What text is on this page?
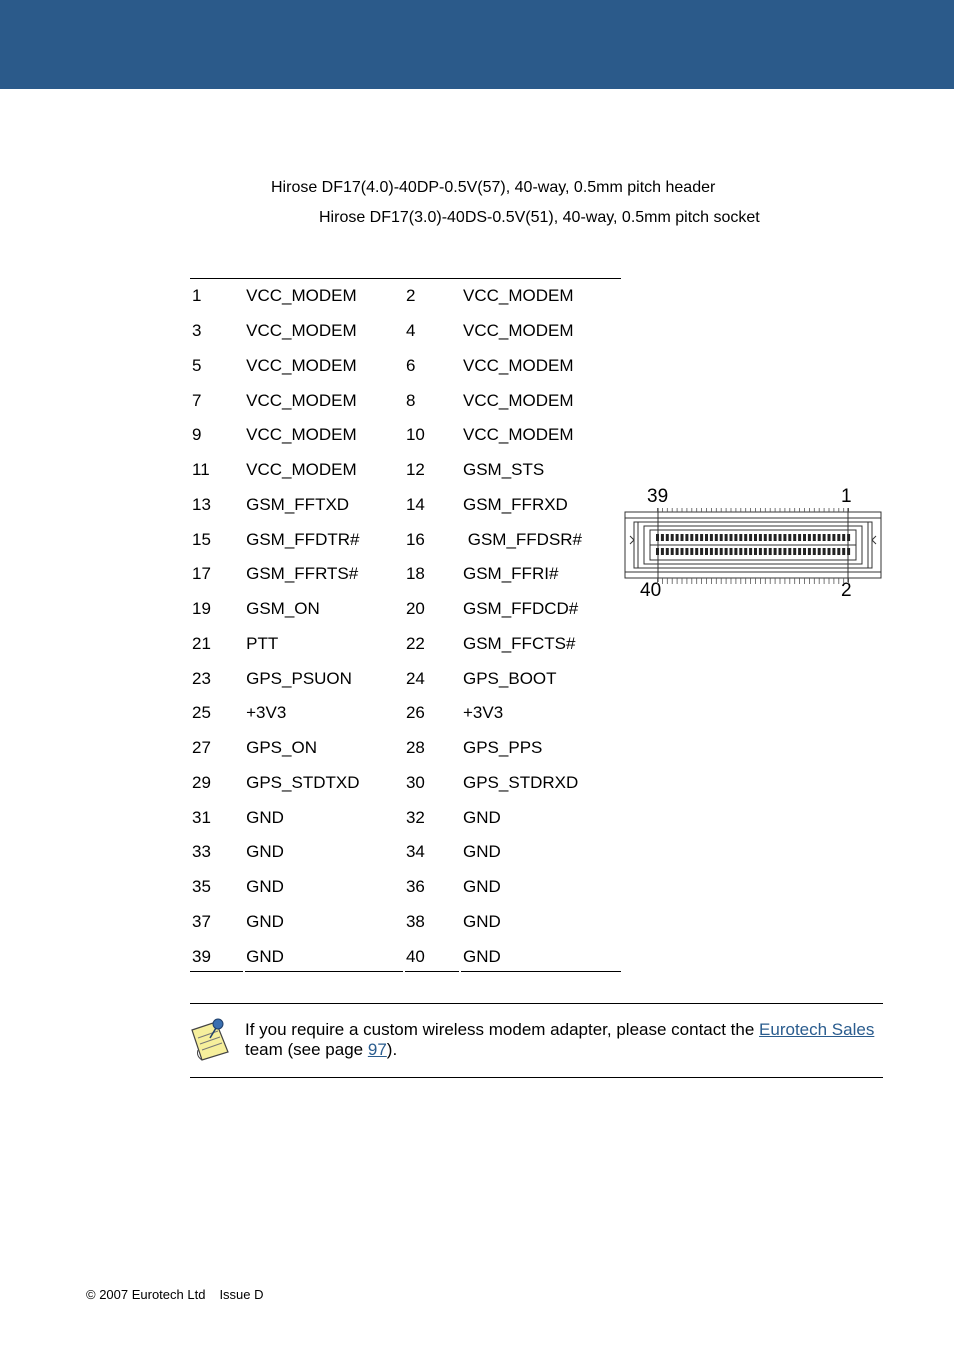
Hirose DF17(4.0)-40DP-0.5V(57), 40-way, 0.5mm pitch header
Hirose DF17(3.0)-40DS-0.5V(51), 40-way, 0.5mm pitch socket
1	VCC_MODEM	2	VCC_MODEM
3	VCC_MODEM	4	VCC_MODEM
5	VCC_MODEM	6	VCC_MODEM
7	VCC_MODEM	8	VCC_MODEM
9	VCC_MODEM	10	VCC_MODEM
11	VCC_MODEM	12	GSM_STS
13	GSM_FFTXD	14	GSM_FFRXD
15	GSM_FFDTR#	16	GSM_FFDSR#
17	GSM_FFRTS#	18	GSM_FFRI#
19	GSM_ON	20	GSM_FFDCD#
21	PTT	22	GSM_FFCTS#
23	GPS_PSUON	24	GPS_BOOT
25	+3V3	26	+3V3
27	GPS_ON	28	GPS_PPS
29	GPS_STDTXD	30	GPS_STDRXD
31	GND	32	GND
33	GND	34	GND
35	GND	36	GND
37	GND	38	GND
39	GND	40	GND
39	1
40	2
If you require a custom wireless modem adapter, please contact the Eurotech Sales team (see page 97).
© 2007 Eurotech Ltd Issue D
